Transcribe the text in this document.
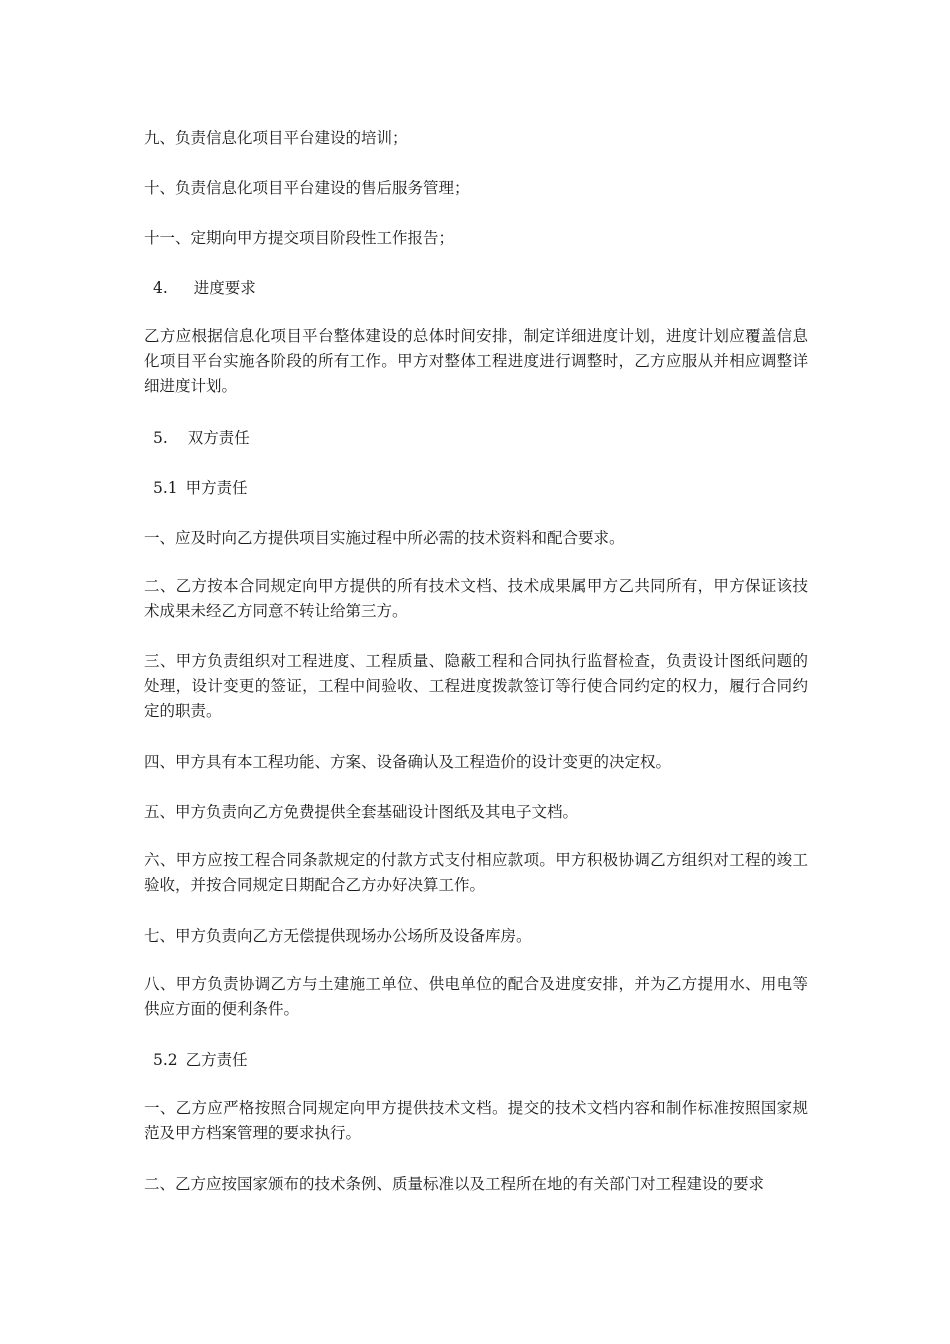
九、负责信息化项目平台建设的培训；
十、负责信息化项目平台建设的售后服务管理；
十一、定期向甲方提交项目阶段性工作报告；
4. 进度要求
乙方应根据信息化项目平台整体建设的总体时间安排，制定详细进度计划，进度计划应覆盖信息化项目平台实施各阶段的所有工作。甲方对整体工程进度进行调整时，乙方应服从并相应调整详细进度计划。
5. 双方责任
5.1 甲方责任
一、应及时向乙方提供项目实施过程中所必需的技术资料和配合要求。
二、乙方按本合同规定向甲方提供的所有技术文档、技术成果属甲方乙共同所有，甲方保证该技术成果未经乙方同意不转让给第三方。
三、甲方负责组织对工程进度、工程质量、隐蔽工程和合同执行监督检查，负责设计图纸问题的处理，设计变更的签证，工程中间验收、工程进度拨款签订等行使合同约定的权力，履行合同约定的职责。
四、甲方具有本工程功能、方案、设备确认及工程造价的设计变更的决定权。
五、甲方负责向乙方免费提供全套基础设计图纸及其电子文档。
六、甲方应按工程合同条款规定的付款方式支付相应款项。甲方积极协调乙方组织对工程的竣工验收，并按合同规定日期配合乙方办好决算工作。
七、甲方负责向乙方无偿提供现场办公场所及设备库房。
八、甲方负责协调乙方与土建施工单位、供电单位的配合及进度安排，并为乙方提用水、用电等供应方面的便利条件。
5.2 乙方责任
一、乙方应严格按照合同规定向甲方提供技术文档。提交的技术文档内容和制作标准按照国家规范及甲方档案管理的要求执行。
二、乙方应按国家颁布的技术条例、质量标准以及工程所在地的有关部门对工程建设的要求
